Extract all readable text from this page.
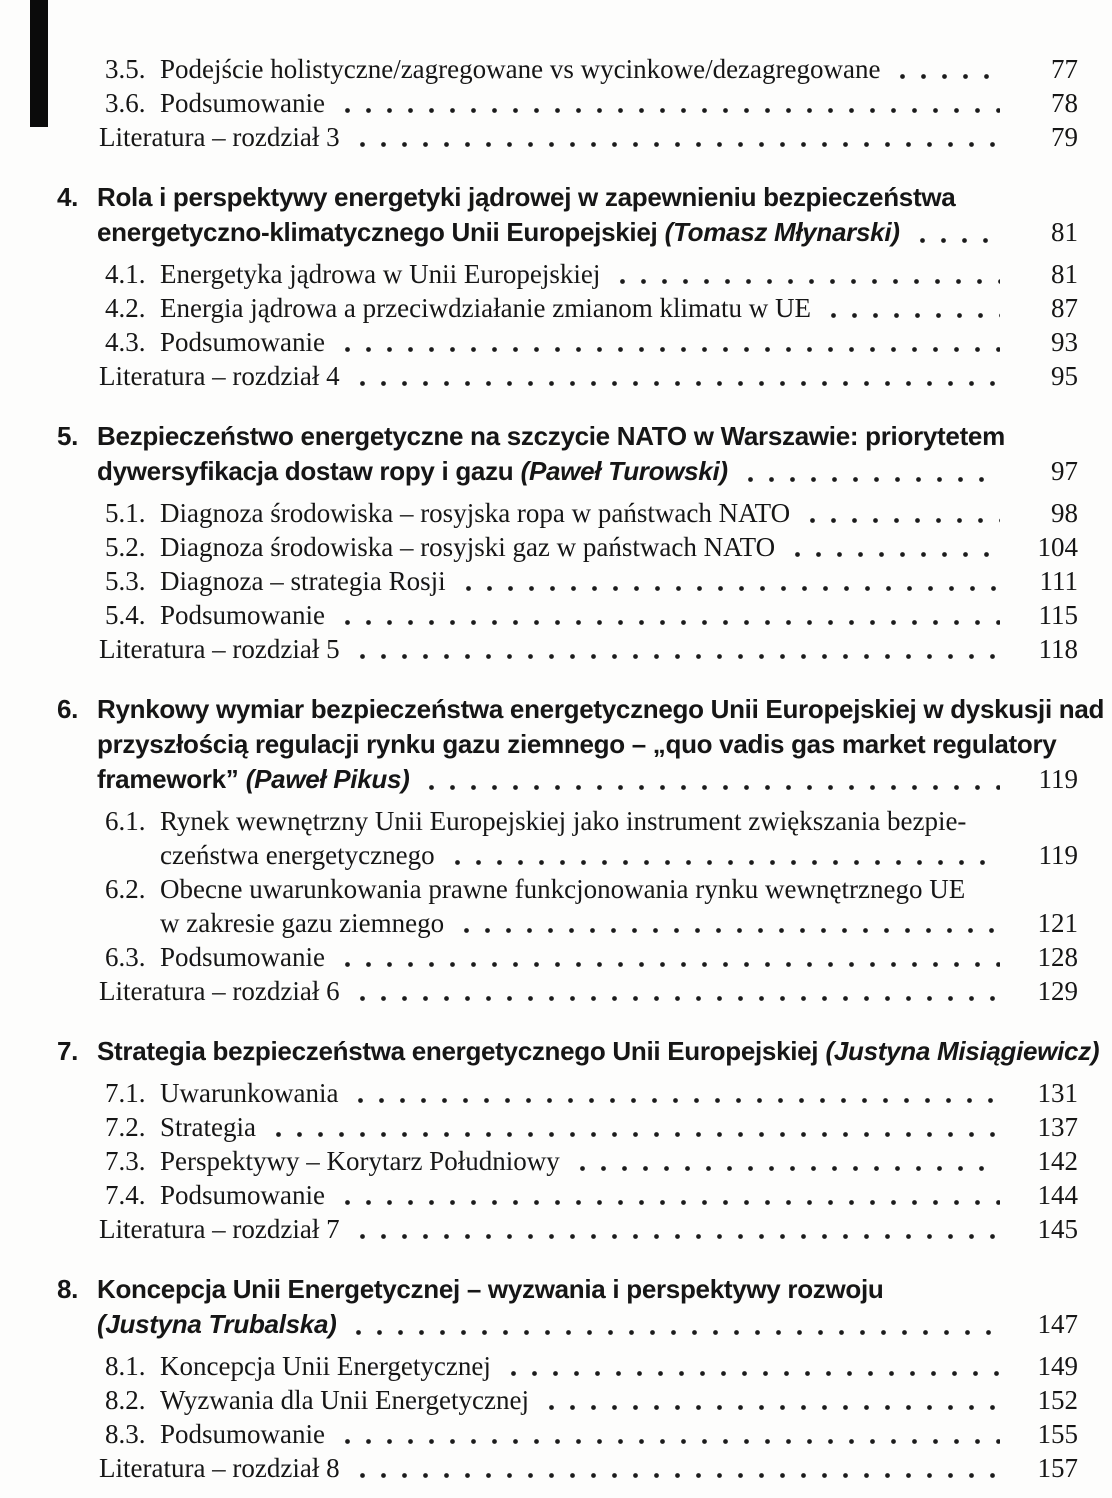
3.5. Podejście holistyczne/zagregowane vs wycinkowe/dezagregowane	77
3.6. Podsumowanie	78
Literatura – rozdział 3	79
4. Rola i perspektywy energetyki jądrowej w zapewnieniu bezpieczeństwa
energetyczno-klimatycznego Unii Europejskiej (Tomasz Młynarski)	81
4.1. Energetyka jądrowa w Unii Europejskiej	81
4.2. Energia jądrowa a przeciwdziałanie zmianom klimatu w UE	87
4.3. Podsumowanie	93
Literatura – rozdział 4	95
5. Bezpieczeństwo energetyczne na szczycie NATO w Warszawie: priorytetem
dywersyfikacja dostaw ropy i gazu (Paweł Turowski)	97
5.1. Diagnoza środowiska – rosyjska ropa w państwach NATO	98
5.2. Diagnoza środowiska – rosyjski gaz w państwach NATO	104
5.3. Diagnoza – strategia Rosji	111
5.4. Podsumowanie	115
Literatura – rozdział 5	118
6. Rynkowy wymiar bezpieczeństwa energetycznego Unii Europejskiej w dyskusji nad
przyszłością regulacji rynku gazu ziemnego – „quo vadis gas market regulatory
framework” (Paweł Pikus)	119
6.1. Rynek wewnętrzny Unii Europejskiej jako instrument zwiększania bezpie-
czeństwa energetycznego	119
6.2. Obecne uwarunkowania prawne funkcjonowania rynku wewnętrznego UE
w zakresie gazu ziemnego	121
6.3. Podsumowanie	128
Literatura – rozdział 6	129
7. Strategia bezpieczeństwa energetycznego Unii Europejskiej (Justyna Misiągiewicz)
7.1. Uwarunkowania	131
7.2. Strategia	137
7.3. Perspektywy – Korytarz Południowy	142
7.4. Podsumowanie	144
Literatura – rozdział 7	145
8. Koncepcja Unii Energetycznej – wyzwania i perspektywy rozwoju
(Justyna Trubalska)	147
8.1. Koncepcja Unii Energetycznej	149
8.2. Wyzwania dla Unii Energetycznej	152
8.3. Podsumowanie	155
Literatura – rozdział 8	157
